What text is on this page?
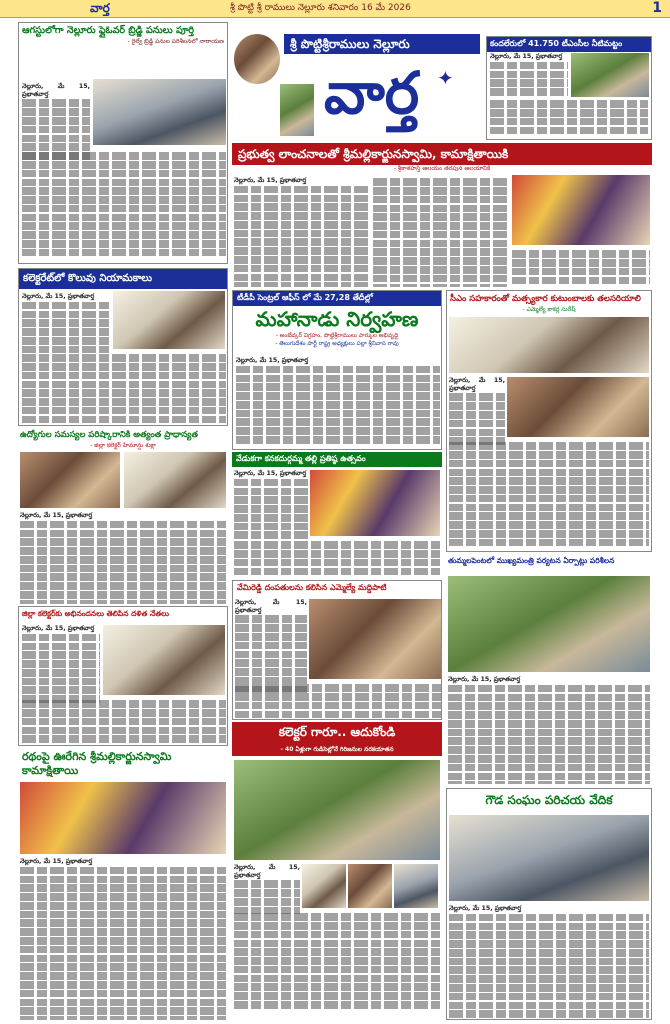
వార్త	శ్రీ పొట్టి శ్రీ రాములు నెల్లూరు శనివారం 16 మే 2026	1
ఆగస్టులోగా నెల్లూరు ఫ్లైఓవర్ బ్రిడ్జి పనులు పూర్తి
- రైల్వే బ్రిడ్జి పనుల పరిశీలనలో నారాయణ
నెల్లూరు, మే 15, ప్రభాతవార్త
శ్రీ పొట్టిశ్రీరాములు నెల్లూరు
వార్త ✦
కందలేరులో 41.750 టీఎంసీల నీటిమట్టం
నెల్లూరు, మే 15, ప్రభాతవార్త
ప్రభుత్వ లాంచనాలతో శ్రీమల్లికార్జునస్వామి, కామాక్షితాయికి
- శ్రీకాళహస్తి ఆలయం తరపున ఆలయానికి
నెల్లూరు, మే 15, ప్రభాతవార్త
కలెక్టరేట్‌లో కొలువు నియామకాలు
నెల్లూరు, మే 15, ప్రభాతవార్త
ఉద్యోగుల సమస్యల పరిష్కారానికి అత్యంత ప్రాధాన్యత
- జిల్లా కలెక్టర్ హిమాన్షు శుక్లా
నెల్లూరు, మే 15, ప్రభాతవార్త
జిల్లా కలెక్టర్‌కు అభినందనలు తెలిపిన దళిత నేతలు
నెల్లూరు, మే 15, ప్రభాతవార్త
రథంపై ఊరేగిన శ్రీమల్లికార్జునస్వామి కామాక్షితాయి
నెల్లూరు, మే 15, ప్రభాతవార్త
టీడీపీ సెంట్రల్ ఆఫీస్ లో మే 27,28 తేదీల్లో
మహానాడు నిర్వహణ
- అంబేద్కర్ విగ్రహం, పొట్టిశ్రీరాములు పార్కుల అభివృద్ధి
- తెలుగుదేశం పార్టీ రాష్ట్ర అధ్యక్షులు పల్లా శ్రీనివాస రావు
నెల్లూరు, మే 15, ప్రభాతవార్త
వేడుకగా కనకదుర్గమ్మ తల్లి ప్రతిష్ఠ ఉత్సవం
నెల్లూరు, మే 15, ప్రభాతవార్త
వేమిరెడ్డి దంపతులను కలిసిన ఎమ్మెల్యే మద్దిపాటి
నెల్లూరు, మే 15, ప్రభాతవార్త
కలెక్టర్ గారూ.. ఆదుకోండి
- 40 ఏళ్లుగా గుడిసెల్లోనే గిరిజనుల నరకయాతన
నెల్లూరు, మే 15, ప్రభాతవార్త
సీఎం సహకారంతో మత్స్యకార కుటుంబాలకు తలసరియాలి
- ఎమ్మెల్యే కాకర్ల సురేష్
నెల్లూరు, మే 15, ప్రభాతవార్త
తుమ్మలపెంటలో ముఖ్యమంత్రి పర్యటన ఏర్పాట్లు పరిశీలన
నెల్లూరు, మే 15, ప్రభాతవార్త
గౌడ సంఘం పరిచయ వేదిక
నెల్లూరు, మే 15, ప్రభాతవార్త
